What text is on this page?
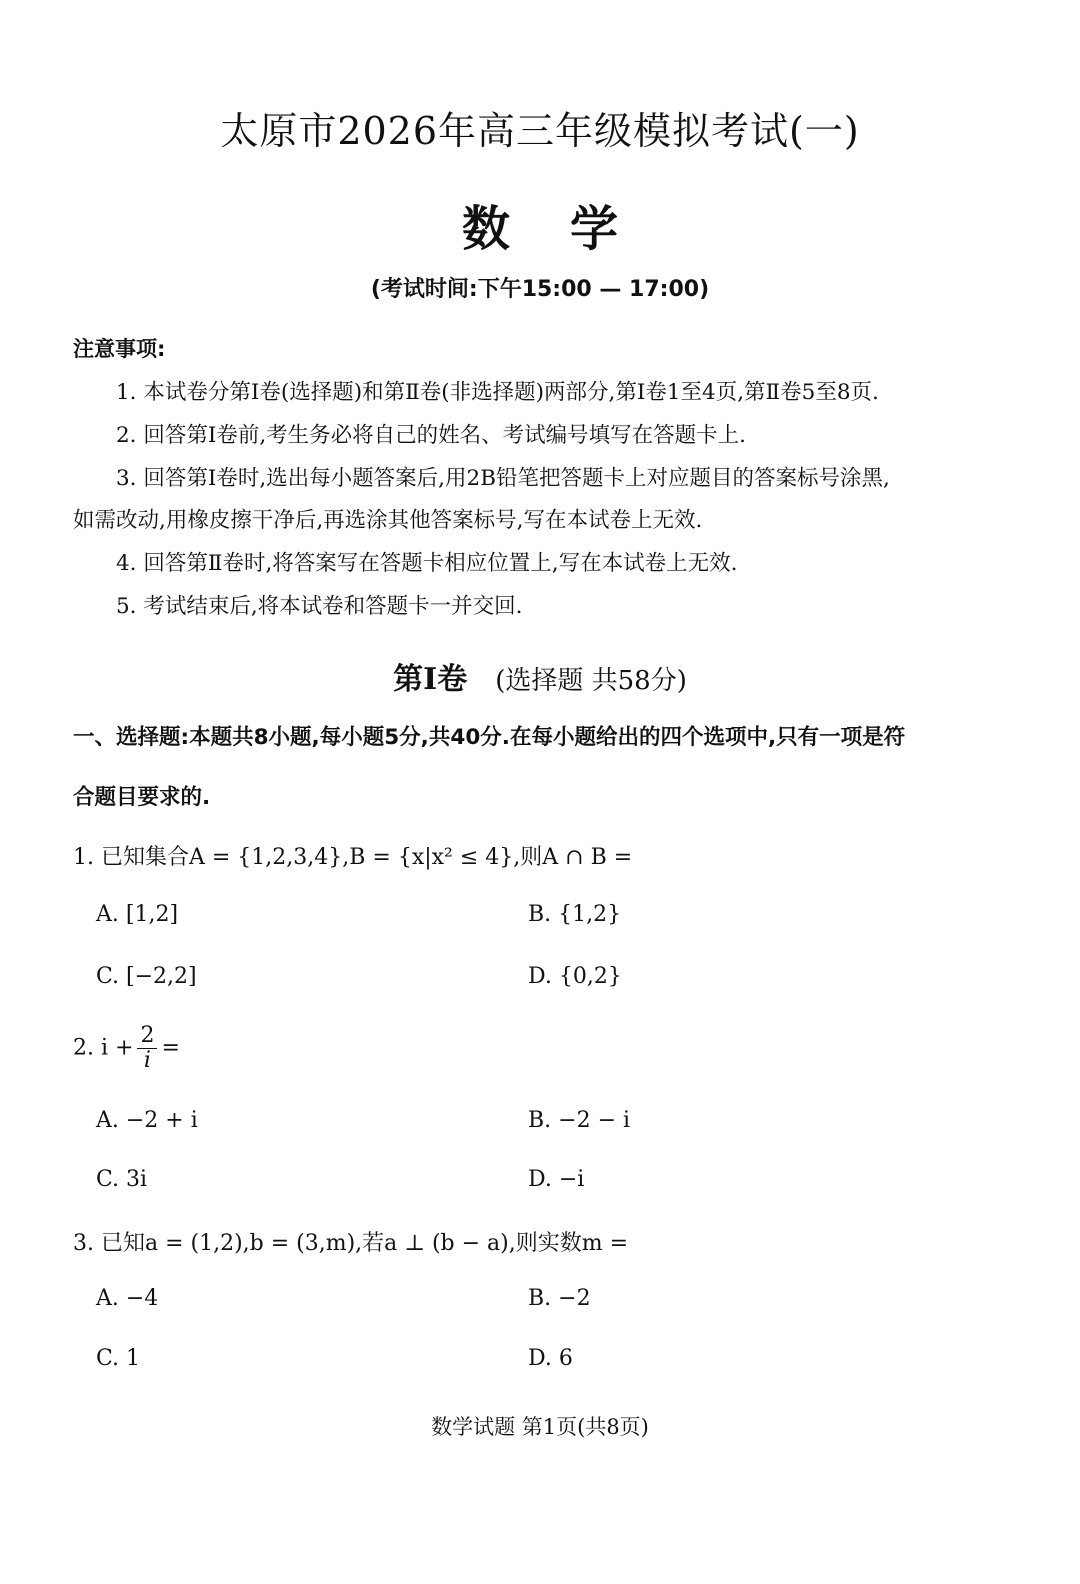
太原市2026年高三年级模拟考试(一)
数学
(考试时间:下午15:00 — 17:00)
注意事项:
1. 本试卷分第Ⅰ卷(选择题)和第Ⅱ卷(非选择题)两部分,第Ⅰ卷1至4页,第Ⅱ卷5至8页.
2. 回答第Ⅰ卷前,考生务必将自己的姓名、考试编号填写在答题卡上.
3. 回答第Ⅰ卷时,选出每小题答案后,用2B铅笔把答题卡上对应题目的答案标号涂黑,
如需改动,用橡皮擦干净后,再选涂其他答案标号,写在本试卷上无效.
4. 回答第Ⅱ卷时,将答案写在答题卡相应位置上,写在本试卷上无效.
5. 考试结束后,将本试卷和答题卡一并交回.
第Ⅰ卷 (选择题 共58分)
一、选择题:本题共8小题,每小题5分,共40分.在每小题给出的四个选项中,只有一项是符
合题目要求的.
1. 已知集合A = {1,2,3,4},B = {x|x² ≤ 4},则A ∩ B =
A. [1,2]	B. {1,2}
C. [−2,2]	D. {0,2}
2. $i + \frac{2}{i}$ =
A. −2 + i	B. −2 − i
C. 3i	D. −i
3. 已知a = (1,2),b = (3,m),若a ⊥ (b − a),则实数m =
A. −4	B. −2
C. 1	D. 6
数学试题 第1页(共8页)
